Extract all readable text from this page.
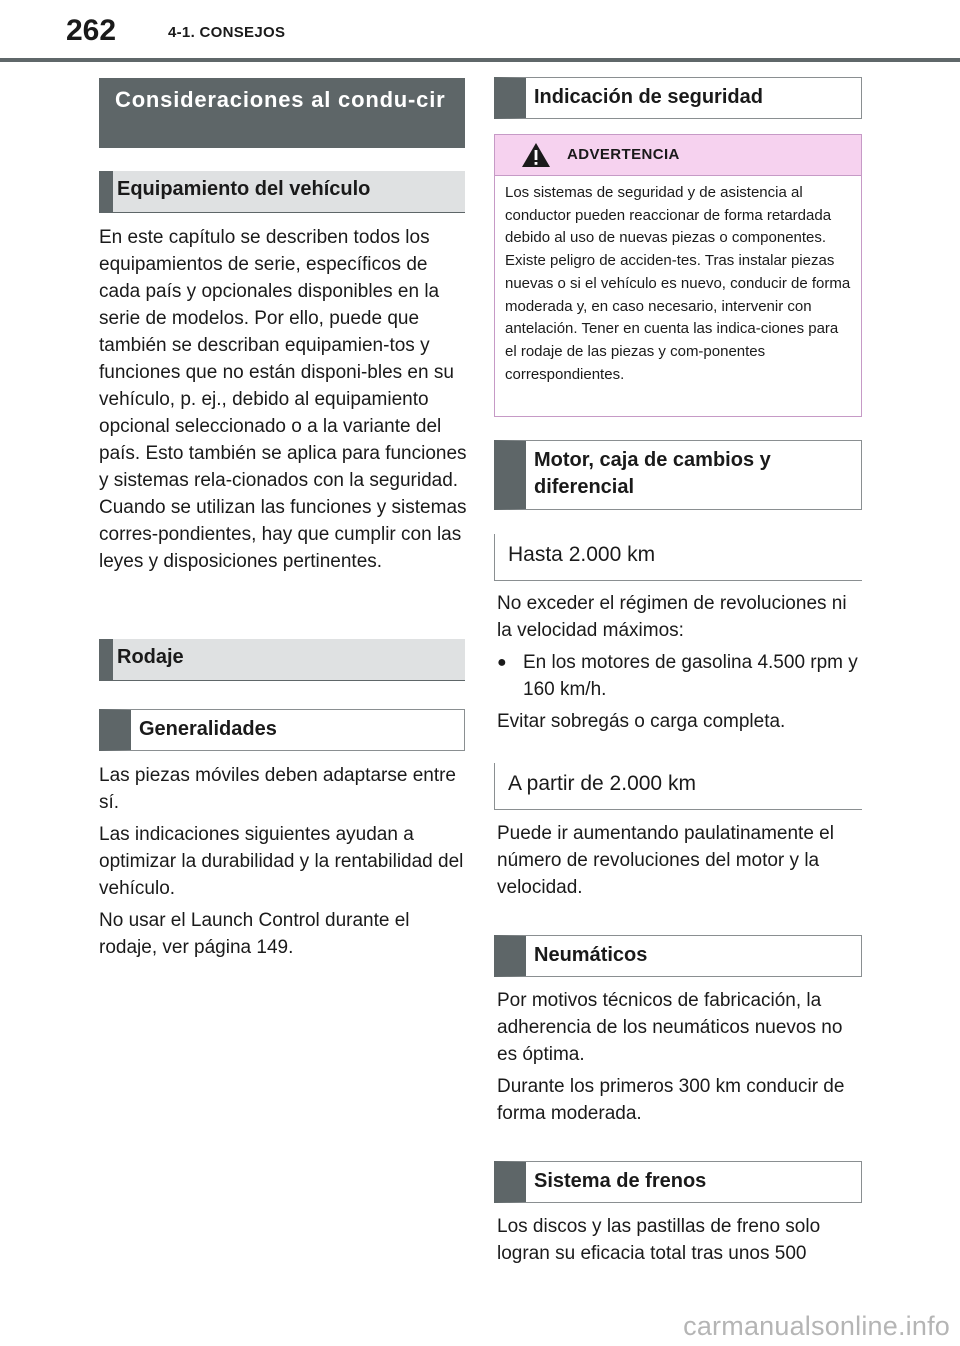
262	4-1. CONSEJOS
Consideraciones al condu-cir
Equipamiento del vehículo

En este capítulo se describen todos los equipamientos de serie, específicos de cada país y opcionales disponibles en la serie de modelos. Por ello, puede que también se describan equipamien-tos y funciones que no están disponi-bles en su vehículo, p. ej., debido al equipamiento opcional seleccionado o a la variante del país. Esto también se aplica para funciones y sistemas rela-cionados con la seguridad. Cuando se utilizan las funciones y sistemas corres-pondientes, hay que cumplir con las leyes y disposiciones pertinentes.

Rodaje
Generalidades

Las piezas móviles deben adaptarse entre sí.

Las indicaciones siguientes ayudan a optimizar la durabilidad y la rentabilidad del vehículo.

No usar el Launch Control durante el rodaje, ver página 149.

Indicación de seguridad
ADVERTENCIA
Los sistemas de seguridad y de asistencia al conductor pueden reaccionar de forma retardada debido al uso de nuevas piezas o componentes. Existe peligro de acciden-tes. Tras instalar piezas nuevas o si el vehículo es nuevo, conducir de forma moderada y, en caso necesario, intervenir con antelación. Tener en cuenta las indica-ciones para el rodaje de las piezas y com-ponentes correspondientes.
Motor, caja de cambios y diferencial
Hasta 2.000 km

No exceder el régimen de revoluciones ni la velocidad máximos:

● En los motores de gasolina 4.500 rpm y 160 km/h.

Evitar sobregás o carga completa.

A partir de 2.000 km

Puede ir aumentando paulatinamente el número de revoluciones del motor y la velocidad.

Neumáticos

Por motivos técnicos de fabricación, la adherencia de los neumáticos nuevos no es óptima.

Durante los primeros 300 km conducir de forma moderada.

Sistema de frenos

Los discos y las pastillas de freno solo logran su eficacia total tras unos 500

carmanualsonline.info
